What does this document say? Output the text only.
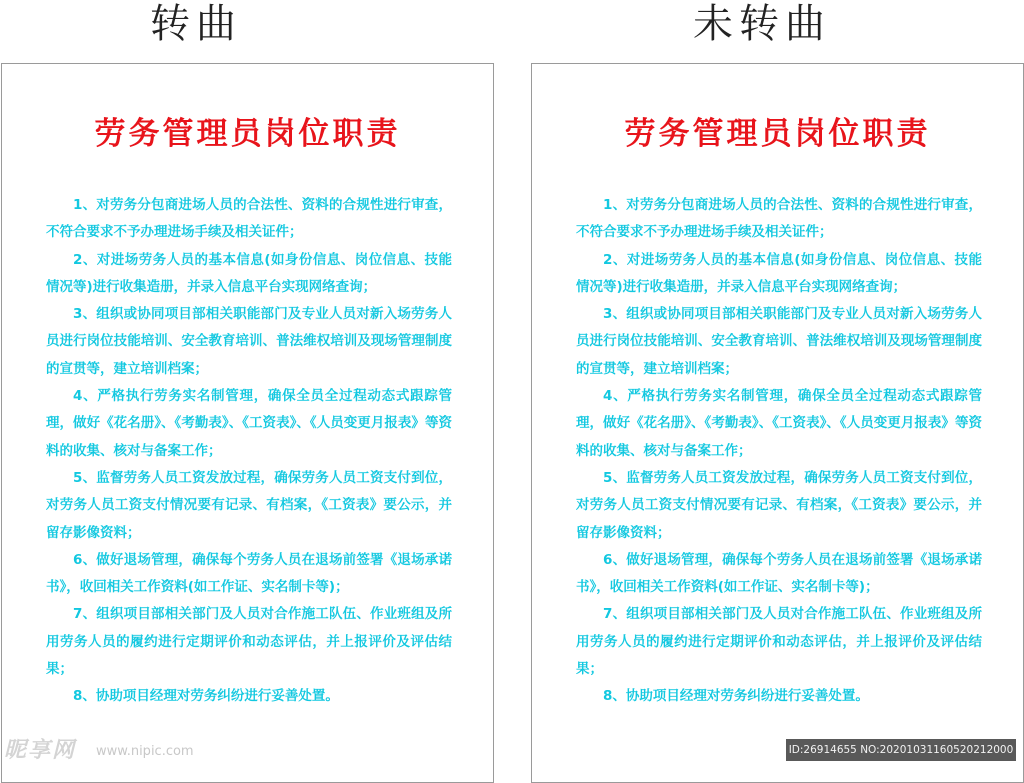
转曲	未转曲
劳务管理员岗位职责

1、对劳务分包商进场人员的合法性、资料的合规性进行审查，不符合要求不予办理进场手续及相关证件；

2、对进场劳务人员的基本信息(如身份信息、岗位信息、技能情况等)进行收集造册，并录入信息平台实现网络查询；

3、组织或协同项目部相关职能部门及专业人员对新入场劳务人员进行岗位技能培训、安全教育培训、普法维权培训及现场管理制度的宣贯等，建立培训档案；

4、严格执行劳务实名制管理，确保全员全过程动态式跟踪管理，做好《花名册》、《考勤表》、《工资表》、《人员变更月报表》等资料的收集、核对与备案工作；

5、监督劳务人员工资发放过程，确保劳务人员工资支付到位，对劳务人员工资支付情况要有记录、有档案，《工资表》要公示，并留存影像资料；

6、做好退场管理，确保每个劳务人员在退场前签署《退场承诺书》，收回相关工作资料(如工作证、实名制卡等)；

7、组织项目部相关部门及人员对合作施工队伍、作业班组及所用劳务人员的履约进行定期评价和动态评估，并上报评价及评估结果；

8、协助项目经理对劳务纠纷进行妥善处置。

劳务管理员岗位职责

1、对劳务分包商进场人员的合法性、资料的合规性进行审查，不符合要求不予办理进场手续及相关证件；

2、对进场劳务人员的基本信息(如身份信息、岗位信息、技能情况等)进行收集造册，并录入信息平台实现网络查询；

3、组织或协同项目部相关职能部门及专业人员对新入场劳务人员进行岗位技能培训、安全教育培训、普法维权培训及现场管理制度的宣贯等，建立培训档案；

4、严格执行劳务实名制管理，确保全员全过程动态式跟踪管理，做好《花名册》、《考勤表》、《工资表》、《人员变更月报表》等资料的收集、核对与备案工作；

5、监督劳务人员工资发放过程，确保劳务人员工资支付到位，对劳务人员工资支付情况要有记录、有档案，《工资表》要公示，并留存影像资料；

6、做好退场管理，确保每个劳务人员在退场前签署《退场承诺书》，收回相关工作资料(如工作证、实名制卡等)；

7、组织项目部相关部门及人员对合作施工队伍、作业班组及所用劳务人员的履约进行定期评价和动态评估，并上报评价及评估结果；

8、协助项目经理对劳务纠纷进行妥善处置。

昵享网 www.nipic.com	ID:26914655 NO:20201031160520212000
